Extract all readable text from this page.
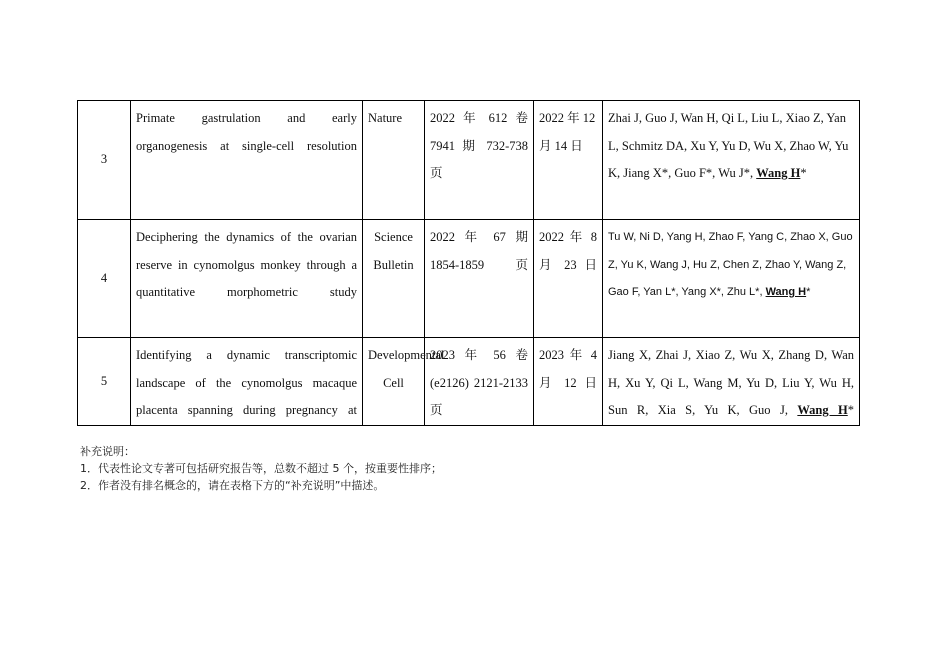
3	Primate gastrulation and early organogenesis at single-cell resolution	Nature	2022 年 612 卷 7941 期 732-738 页	2022 年 12 月 14 日	Zhai J, Guo J, Wan H, Qi L, Liu L, Xiao Z, Yan L, Schmitz DA, Xu Y, Yu D, Wu X, Zhao W, Yu K, Jiang X*, Guo F*, Wu J*, Wang H*
4	Deciphering the dynamics of the ovarian reserve in cynomolgus monkey through a quantitative morphometric study	Science Bulletin	2022 年 67 期 1854-1859 页	2022 年 8 月 23 日	Tu W, Ni D, Yang H, Zhao F, Yang C, Zhao X, Guo Z, Yu K, Wang J, Hu Z, Chen Z, Zhao Y, Wang Z, Gao F, Yan L*, Yang X*, Zhu L*, Wang H*
5	Identifying a dynamic transcriptomic landscape of the cynomolgus macaque placenta spanning during pregnancy at	Developmental Cell	2023 年 56 卷 (e2126) 2121-2133 页	2023 年 4 月 12 日	Jiang X, Zhai J, Xiao Z, Wu X, Zhang D, Wan H, Xu Y, Qi L, Wang M, Yu D, Liu Y, Wu H, Sun R, Xia S, Yu K, Guo J, Wang H*
补充说明：
1．代表性论文专著可包括研究报告等，总数不超过 5 个，按重要性排序；
2．作者没有排名概念的，请在表格下方的“补充说明”中描述。
